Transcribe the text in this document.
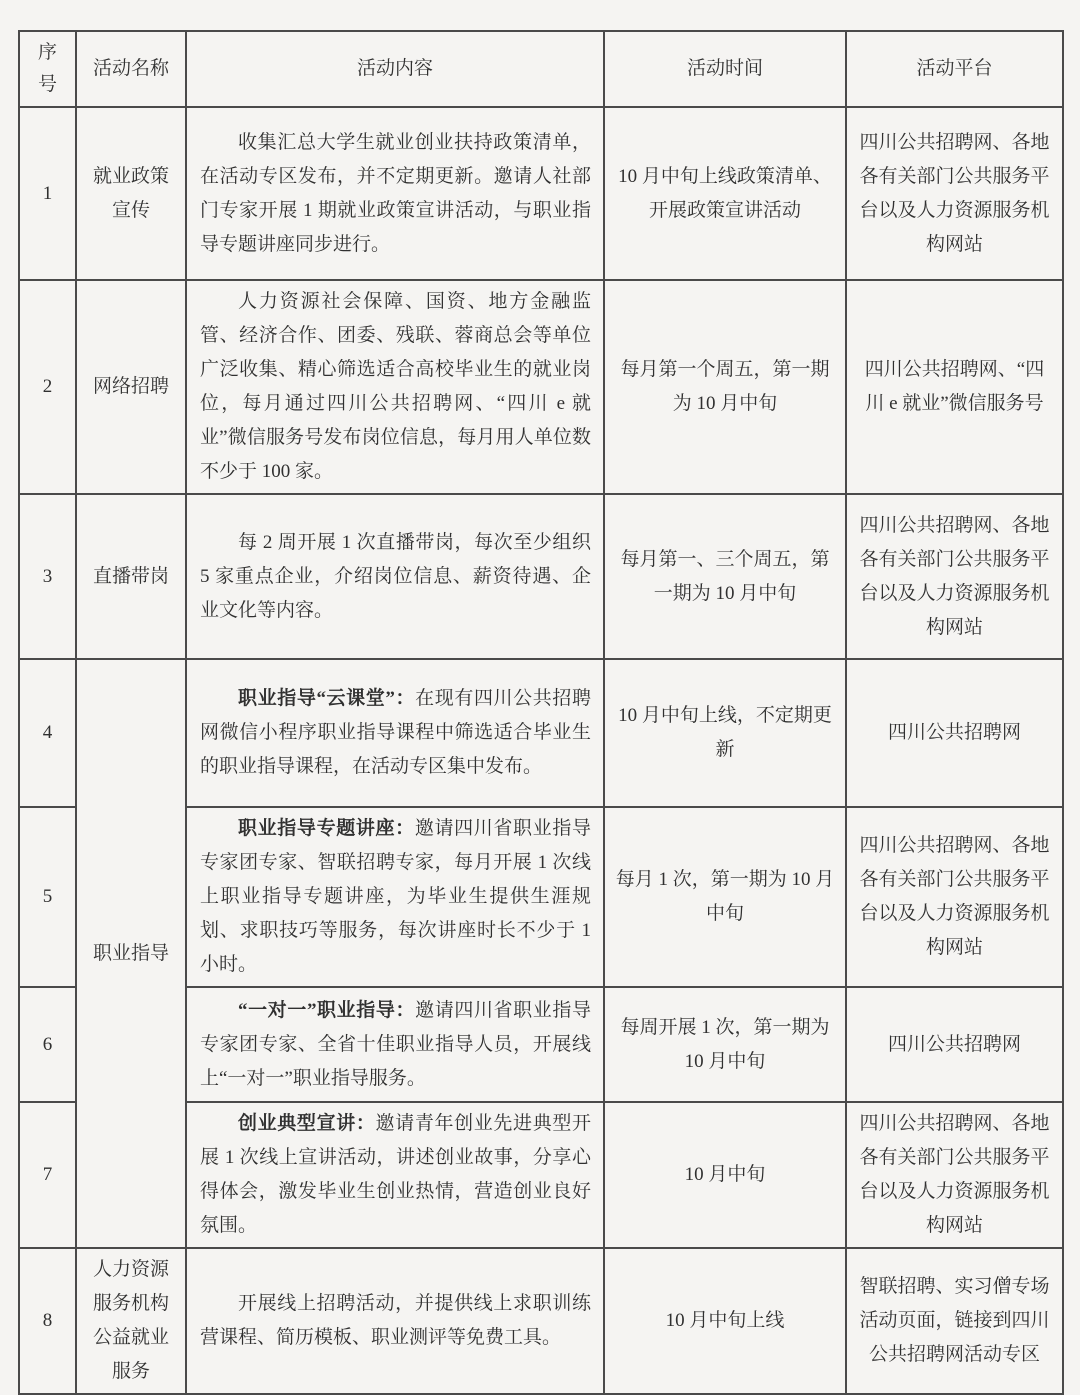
序号	活动名称	活动内容	活动时间	活动平台
1	就业政策宣传	收集汇总大学生就业创业扶持政策清单，在活动专区发布，并不定期更新。邀请人社部门专家开展 1 期就业政策宣讲活动，与职业指导专题讲座同步进行。	10 月中旬上线政策清单、开展政策宣讲活动	四川公共招聘网、各地各有关部门公共服务平台以及人力资源服务机构网站
2	网络招聘	人力资源社会保障、国资、地方金融监管、经济合作、团委、残联、蓉商总会等单位广泛收集、精心筛选适合高校毕业生的就业岗位，每月通过四川公共招聘网、“四川 e 就业”微信服务号发布岗位信息，每月用人单位数不少于 100 家。	每月第一个周五，第一期为 10 月中旬	四川公共招聘网、“四川 e 就业”微信服务号
3	直播带岗	每 2 周开展 1 次直播带岗，每次至少组织 5 家重点企业，介绍岗位信息、薪资待遇、企业文化等内容。	每月第一、三个周五，第一期为 10 月中旬	四川公共招聘网、各地各有关部门公共服务平台以及人力资源服务机构网站
4	职业指导	职业指导“云课堂”：在现有四川公共招聘网微信小程序职业指导课程中筛选适合毕业生的职业指导课程，在活动专区集中发布。	10 月中旬上线，不定期更新	四川公共招聘网
5		职业指导专题讲座：邀请四川省职业指导专家团专家、智联招聘专家，每月开展 1 次线上职业指导专题讲座，为毕业生提供生涯规划、求职技巧等服务，每次讲座时长不少于 1 小时。	每月 1 次，第一期为 10 月中旬	四川公共招聘网、各地各有关部门公共服务平台以及人力资源服务机构网站
6		“一对一”职业指导：邀请四川省职业指导专家团专家、全省十佳职业指导人员，开展线上“一对一”职业指导服务。	每周开展 1 次，第一期为 10 月中旬	四川公共招聘网
7		创业典型宣讲：邀请青年创业先进典型开展 1 次线上宣讲活动，讲述创业故事，分享心得体会，激发毕业生创业热情，营造创业良好氛围。	10 月中旬	四川公共招聘网、各地各有关部门公共服务平台以及人力资源服务机构网站
8	人力资源服务机构公益就业服务	开展线上招聘活动，并提供线上求职训练营课程、简历模板、职业测评等免费工具。	10 月中旬上线	智联招聘、实习僧专场活动页面，链接到四川公共招聘网活动专区
